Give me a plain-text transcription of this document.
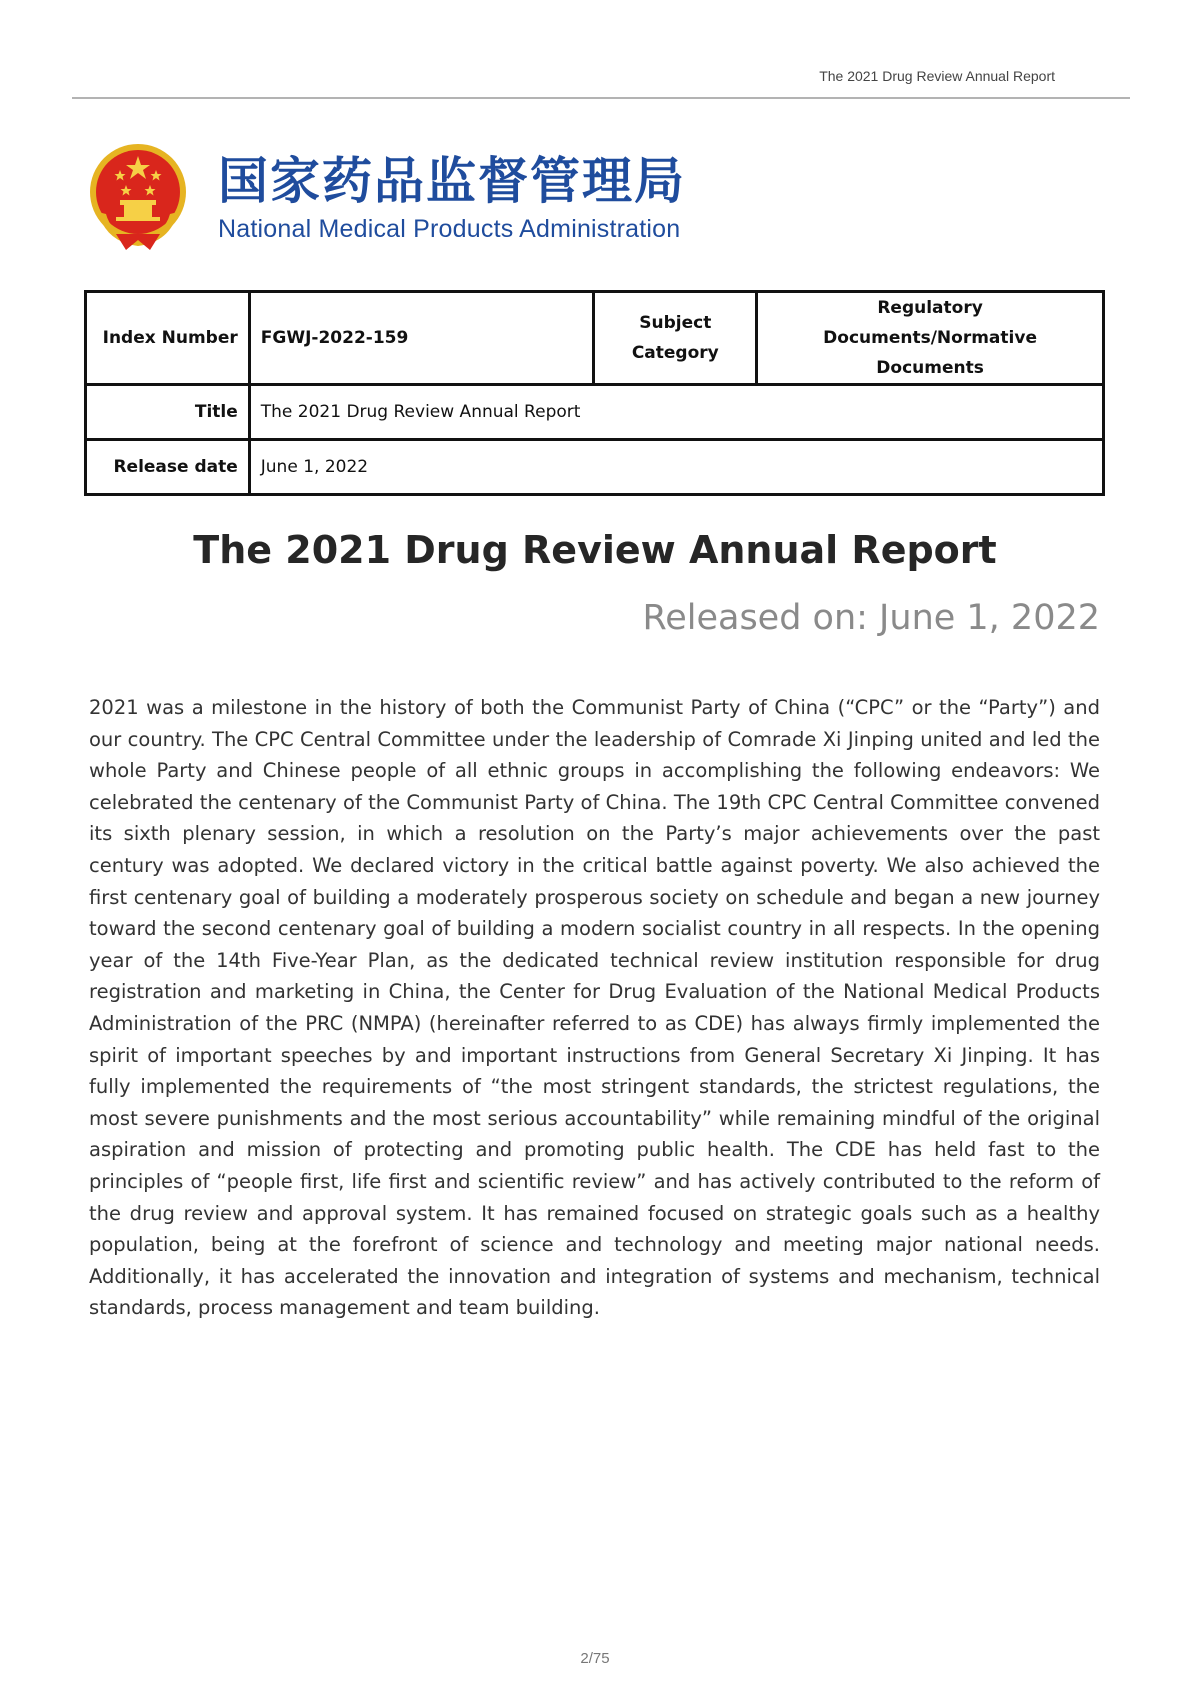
The 2021 Drug Review Annual Report
国家药品监督管理局
National Medical Products Administration
Index Number	FGWJ-2022-159	Subject Category	Regulatory Documents/Normative Documents
Title	The 2021 Drug Review Annual Report		
Release date	June 1, 2022		
The 2021 Drug Review Annual Report
Released on: June 1, 2022

2021 was a milestone in the history of both the Communist Party of China (“CPC” or the “Party”) and our country. The CPC Central Committee under the leadership of Comrade Xi Jinping united and led the whole Party and Chinese people of all ethnic groups in accomplishing the following endeavors: We celebrated the centenary of the Communist Party of China. The 19th CPC Central Committee convened its sixth plenary session, in which a resolution on the Party’s major achievements over the past century was adopted. We declared victory in the critical battle against poverty. We also achieved the first centenary goal of building a moderately prosperous society on schedule and began a new journey toward the second centenary goal of building a modern socialist country in all respects. In the opening year of the 14th Five-Year Plan, as the dedicated technical review institution responsible for drug registration and marketing in China, the Center for Drug Evaluation of the National Medical Products Administration of the PRC (NMPA) (hereinafter referred to as CDE) has always firmly implemented the spirit of important speeches by and important instructions from General Secretary Xi Jinping. It has fully implemented the requirements of “the most stringent standards, the strictest regulations, the most severe punishments and the most serious accountability” while remaining mindful of the original aspiration and mission of protecting and promoting public health. The CDE has held fast to the principles of “people first, life first and scientific review” and has actively contributed to the reform of the drug review and approval system. It has remained focused on strategic goals such as a healthy population, being at the forefront of science and technology and meeting major national needs. Additionally, it has accelerated the innovation and integration of systems and mechanism, technical standards, process management and team building.

2/75
